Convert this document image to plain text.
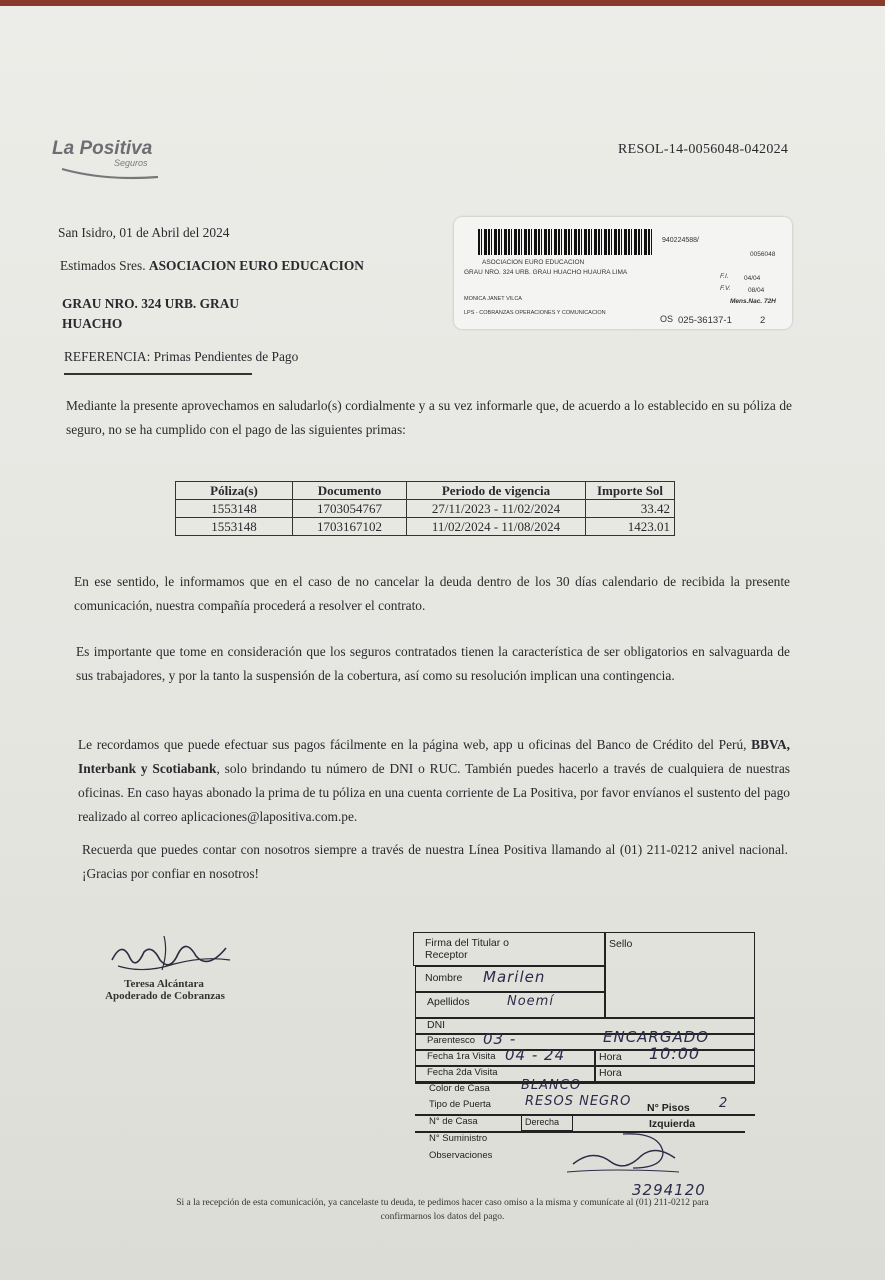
La Positiva
Seguros
RESOL-14-0056048-042024
940224588/
0056048
ASOCIACION EURO EDUCACION
GRAU NRO. 324 URB. GRAU HUACHO HUAURA LIMA
F.I. 04/04
F.V.	08/04
Mens.Nac. 72H
MONICA JANET VILCA
LPS - COBRANZAS OPERACIONES Y COMUNICACION
OS 025-36137-1	2
San Isidro, 01 de Abril del 2024
Estimados Sres. ASOCIACION EURO EDUCACION
GRAU NRO. 324 URB. GRAU
HUACHO
REFERENCIA: Primas Pendientes de Pago
Mediante la presente aprovechamos en saludarlo(s) cordialmente y a su vez informarle que, de acuerdo a lo establecido en su póliza de seguro, no se ha cumplido con el pago de las siguientes primas:
Póliza(s)	Documento	Periodo de vigencia	Importe Sol
1553148	1703054767	27/11/2023 - 11/02/2024	33.42
1553148	1703167102	11/02/2024 - 11/08/2024	1423.01
En ese sentido, le informamos que en el caso de no cancelar la deuda dentro de los 30 días calendario de recibida la presente comunicación, nuestra compañía procederá a resolver el contrato.
Es importante que tome en consideración que los seguros contratados tienen la característica de ser obligatorios en salvaguarda de sus trabajadores, y por la tanto la suspensión de la cobertura, así como su resolución implican una contingencia.
Le recordamos que puede efectuar sus pagos fácilmente en la página web, app u oficinas del Banco de Crédito del Perú, BBVA, Interbank y Scotiabank, solo brindando tu número de DNI o RUC. También puedes hacerlo a través de cualquiera de nuestras oficinas. En caso hayas abonado la prima de tu póliza en una cuenta corriente de La Positiva, por favor envíanos el sustento del pago realizado al correo aplicaciones@lapositiva.com.pe.
Recuerda que puedes contar con nosotros siempre a través de nuestra Línea Positiva llamando al (01) 211-0212 anivel nacional. ¡Gracias por confiar en nosotros!
Teresa Alcántara
Apoderado de Cobranzas
Firma del Titular o Receptor
Sello
Nombre Marilen
Apellidos	Noemí
DNI
Parentesco 03 -	ENCARGADO
Fecha 1ra Visita 04 - 24	Hora 10:00
Fecha 2da Visita	Hora
Color de Casa BLANCO
Tipo de Puerta	RESOS NEGRO N° Pisos 2
N° de Casa	Derecha	Izquierda
N° Suministro
Observaciones
3294120
Si a la recepción de esta comunicación, ya cancelaste tu deuda, te pedimos hacer caso omiso a la misma y comunícate al (01) 211-0212 para confirmarnos los datos del pago.
